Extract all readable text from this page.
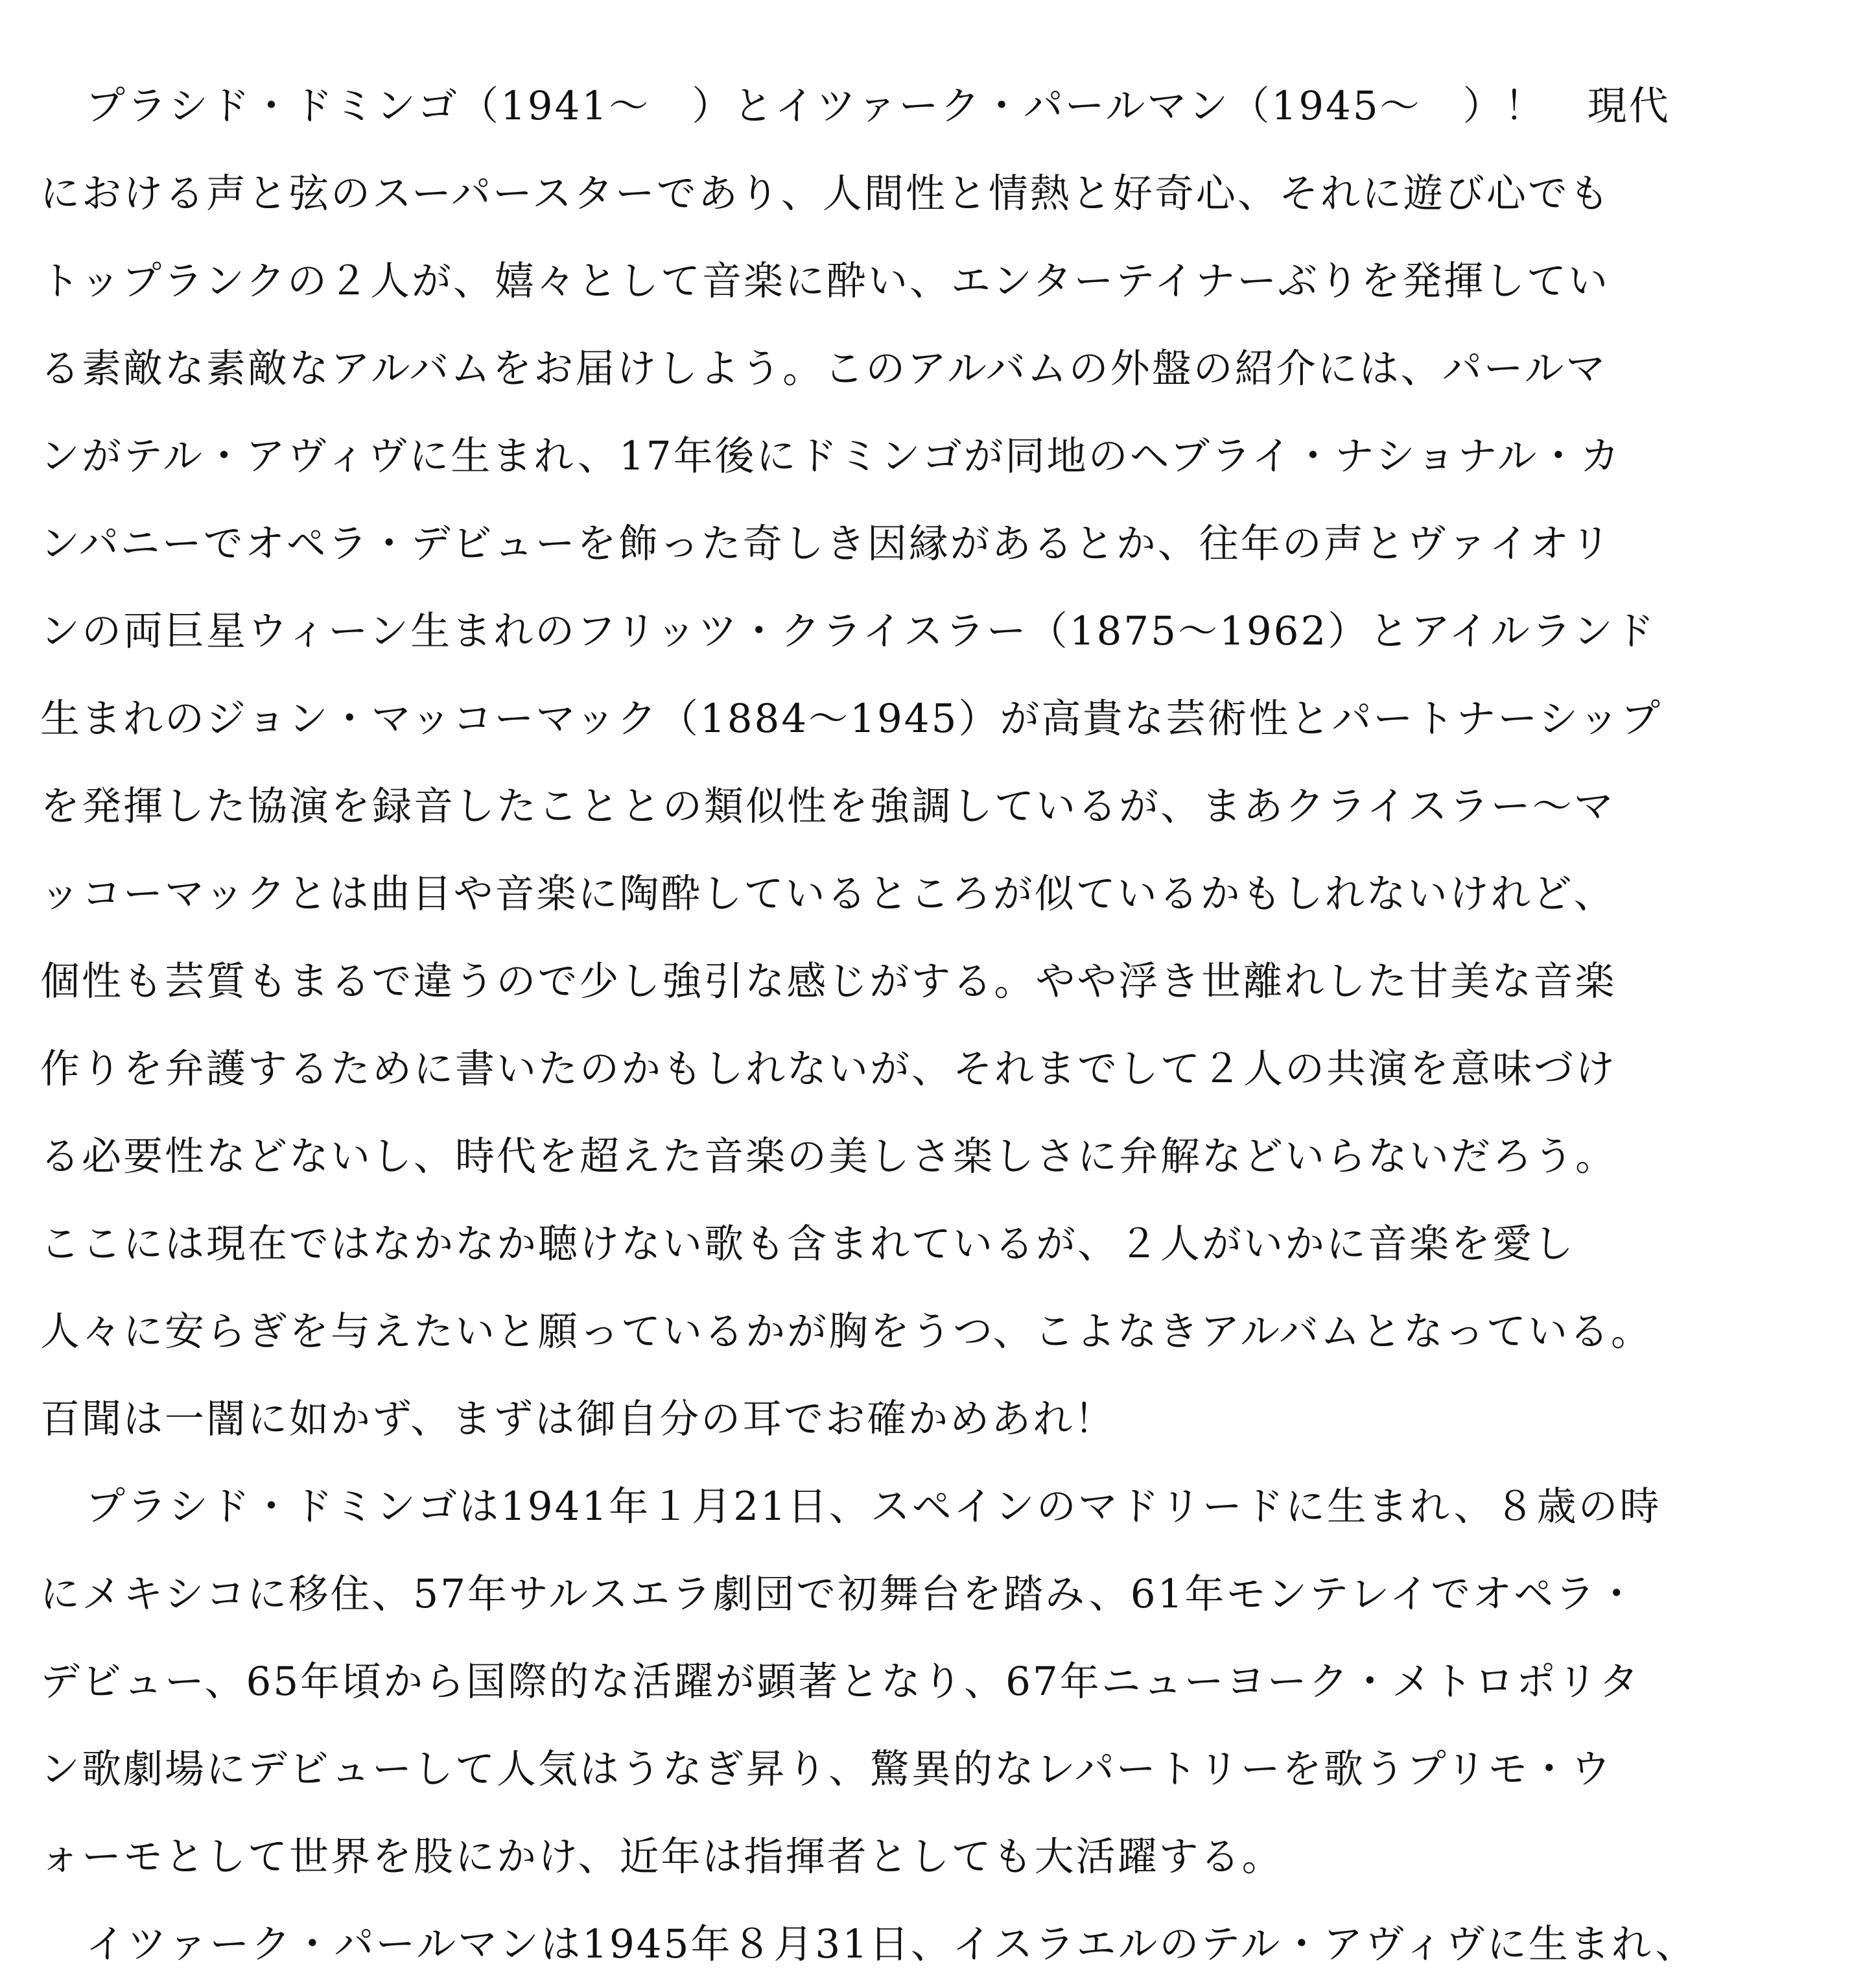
プラシド・ドミンゴ（1941〜　）とイツァーク・パールマン（1945〜　）！　現代
における声と弦のスーパースターであり、人間性と情熱と好奇心、それに遊び心でも
トップランクの２人が、嬉々として音楽に酔い、エンターテイナーぶりを発揮してい
る素敵な素敵なアルバムをお届けしよう。このアルバムの外盤の紹介には、パールマ
ンがテル・アヴィヴに生まれ、17年後にドミンゴが同地のヘブライ・ナショナル・カ
ンパニーでオペラ・デビューを飾った奇しき因縁があるとか、往年の声とヴァイオリ
ンの両巨星ウィーン生まれのフリッツ・クライスラー（1875〜1962）とアイルランド
生まれのジョン・マッコーマック（1884〜1945）が高貴な芸術性とパートナーシップ
を発揮した協演を録音したこととの類似性を強調しているが、まあクライスラー〜マ
ッコーマックとは曲目や音楽に陶酔しているところが似ているかもしれないけれど、
個性も芸質もまるで違うので少し強引な感じがする。やや浮き世離れした甘美な音楽
作りを弁護するために書いたのかもしれないが、それまでして２人の共演を意味づけ
る必要性などないし、時代を超えた音楽の美しさ楽しさに弁解などいらないだろう。
ここには現在ではなかなか聴けない歌も含まれているが、２人がいかに音楽を愛し
人々に安らぎを与えたいと願っているかが胸をうつ、こよなきアルバムとなっている。
百聞は一闇に如かず、まずは御自分の耳でお確かめあれ！
プラシド・ドミンゴは1941年１月21日、スペインのマドリードに生まれ、８歳の時
にメキシコに移住、57年サルスエラ劇団で初舞台を踏み、61年モンテレイでオペラ・
デビュー、65年頃から国際的な活躍が顕著となり、67年ニューヨーク・メトロポリタ
ン歌劇場にデビューして人気はうなぎ昇り、驚異的なレパートリーを歌うプリモ・ウ
ォーモとして世界を股にかけ、近年は指揮者としても大活躍する。
イツァーク・パールマンは1945年８月31日、イスラエルのテル・アヴィヴに生まれ、
